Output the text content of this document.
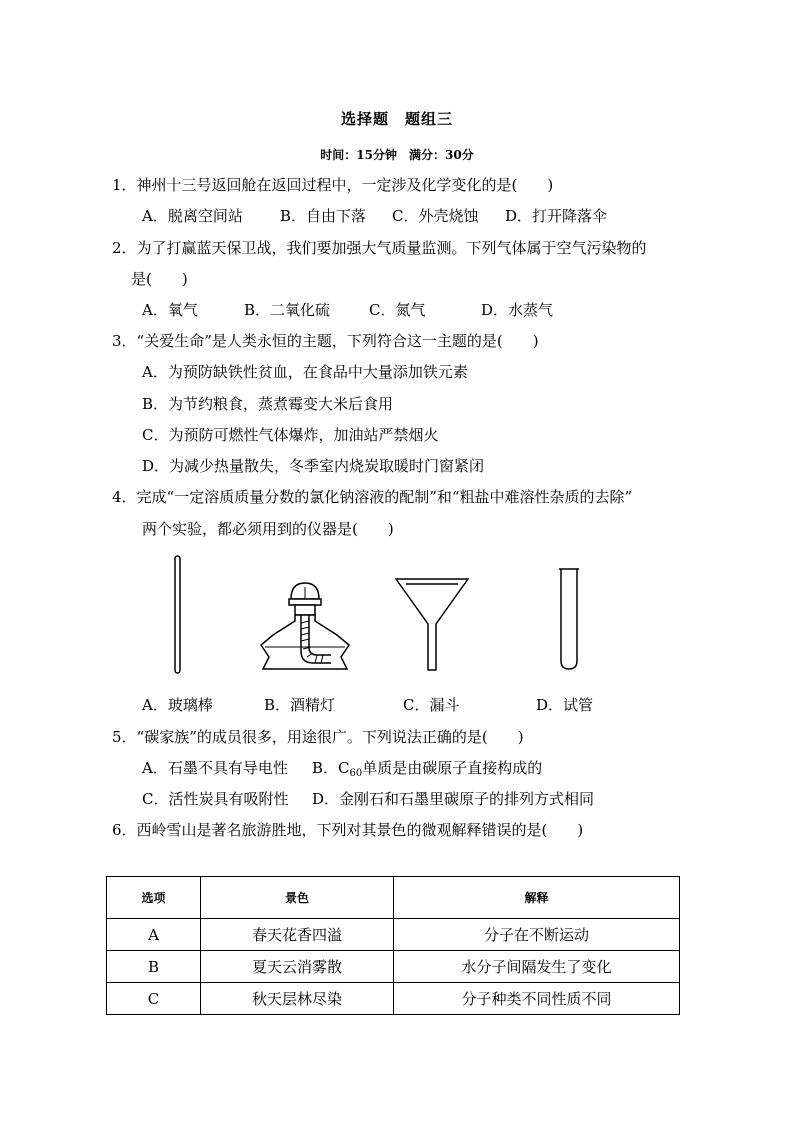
选择题　题组三
时间：15分钟　满分：30分
1．神州十三号返回舱在返回过程中，一定涉及化学变化的是(　　)
A．脱离空间站 B．自由下落 C．外壳烧蚀 D．打开降落伞
2．为了打赢蓝天保卫战，我们要加强大气质量监测。下列气体属于空气污染物的
是(　　)
A．氧气	B．二氧化硫	C．氮气	D．水蒸气
3．“关爱生命”是人类永恒的主题，下列符合这一主题的是(　　)
A．为预防缺铁性贫血，在食品中大量添加铁元素
B．为节约粮食，蒸煮霉变大米后食用
C．为预防可燃性气体爆炸，加油站严禁烟火
D．为减少热量散失，冬季室内烧炭取暖时门窗紧闭
4．完成“一定溶质质量分数的氯化钠溶液的配制”和“粗盐中难溶性杂质的去除”
两个实验，都必须用到的仪器是(　　)
A．玻璃棒	B．酒精灯	C．漏斗	D．试管
5．“碳家族”的成员很多，用途很广。下列说法正确的是(　　)
A．石墨不具有导电性 B．$C_{60}$单质是由碳原子直接构成的
C．活性炭具有吸附性 D．金刚石和石墨里碳原子的排列方式相同
6．西岭雪山是著名旅游胜地，下列对其景色的微观解释错误的是(　　)
选项	景色	解释
A	春天花香四溢	分子在不断运动
B	夏天云消雾散	水分子间隔发生了变化
C	秋天层林尽染	分子种类不同性质不同
